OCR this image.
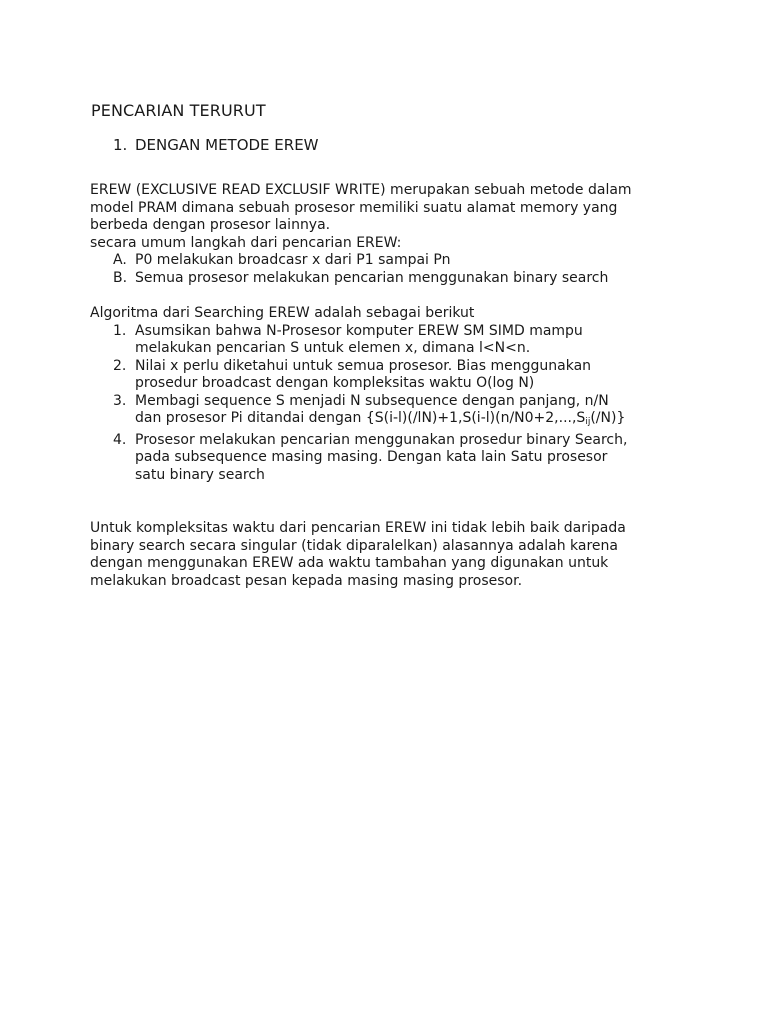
PENCARIAN TERURUT
1. DENGAN METODE EREW
EREW (EXCLUSIVE READ EXCLUSIF WRITE) merupakan sebuah metode dalam
model PRAM dimana sebuah prosesor memiliki suatu alamat memory yang
berbeda dengan prosesor lainnya.
secara umum langkah dari pencarian EREW:
A. P0 melakukan broadcasr x dari P1 sampai Pn
B. Semua prosesor melakukan pencarian menggunakan binary search
Algoritma dari Searching EREW adalah sebagai berikut
1. Asumsikan bahwa N-Prosesor komputer EREW SM SIMD mampu
melakukan pencarian S untuk elemen x, dimana l<N<n.
2. Nilai x perlu diketahui untuk semua prosesor. Bias menggunakan
prosedur broadcast dengan kompleksitas waktu O(log N)
3. Membagi sequence S menjadi N subsequence dengan panjang, n/N
dan prosesor Pi ditandai dengan {$S(i-l)(/lN)+1,S(i-l)(n/N0+2,...,S_{ij}(/N)\}$
4. Prosesor melakukan pencarian menggunakan prosedur binary Search,
pada subsequence masing masing. Dengan kata lain Satu prosesor
satu binary search
Untuk kompleksitas waktu dari pencarian EREW ini tidak lebih baik daripada
binary search secara singular (tidak diparalelkan) alasannya adalah karena
dengan menggunakan EREW ada waktu tambahan yang digunakan untuk
melakukan broadcast pesan kepada masing masing prosesor.
